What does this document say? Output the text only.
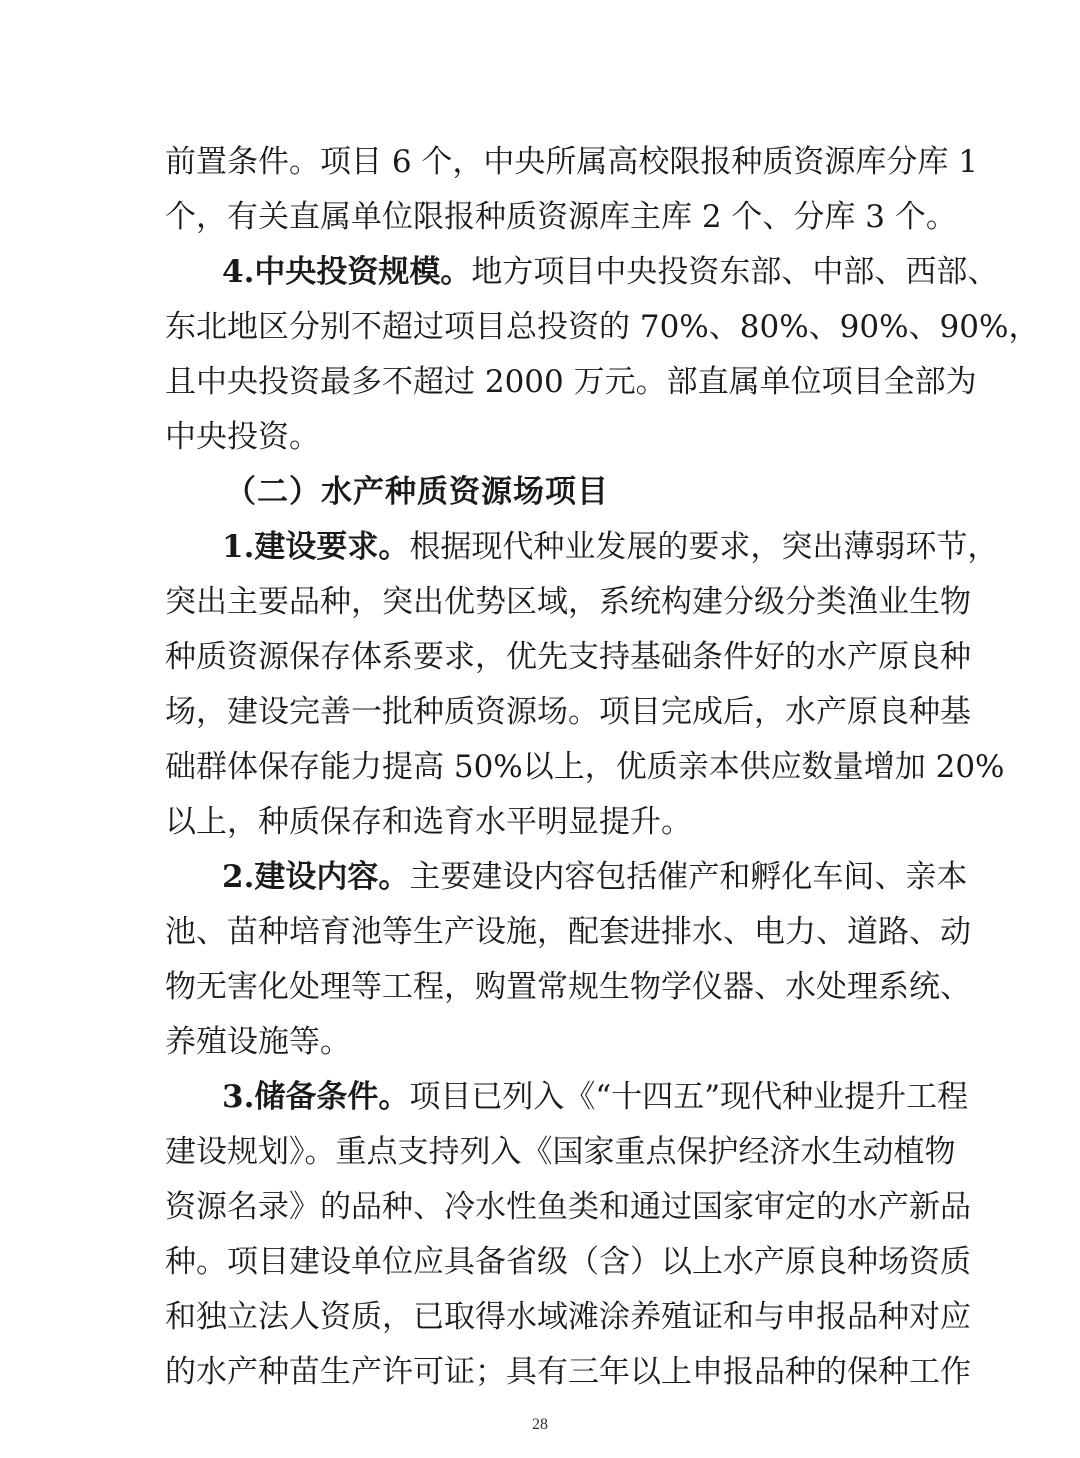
前置条件。项目 6 个，中央所属高校限报种质资源库分库 1
个，有关直属单位限报种质资源库主库 2 个、分库 3 个。
4.中央投资规模。地方项目中央投资东部、中部、西部、
东北地区分别不超过项目总投资的 70%、80%、90%、90%，
且中央投资最多不超过 2000 万元。部直属单位项目全部为
中央投资。
（二）水产种质资源场项目
1.建设要求。根据现代种业发展的要求，突出薄弱环节，
突出主要品种，突出优势区域，系统构建分级分类渔业生物
种质资源保存体系要求，优先支持基础条件好的水产原良种
场，建设完善一批种质资源场。项目完成后，水产原良种基
础群体保存能力提高 50%以上，优质亲本供应数量增加 20%
以上，种质保存和选育水平明显提升。
2.建设内容。主要建设内容包括催产和孵化车间、亲本
池、苗种培育池等生产设施，配套进排水、电力、道路、动
物无害化处理等工程，购置常规生物学仪器、水处理系统、
养殖设施等。
3.储备条件。项目已列入《“十四五”现代种业提升工程
建设规划》。重点支持列入《国家重点保护经济水生动植物
资源名录》的品种、冷水性鱼类和通过国家审定的水产新品
种。项目建设单位应具备省级（含）以上水产原良种场资质
和独立法人资质，已取得水域滩涂养殖证和与申报品种对应
的水产种苗生产许可证；具有三年以上申报品种的保种工作
28
